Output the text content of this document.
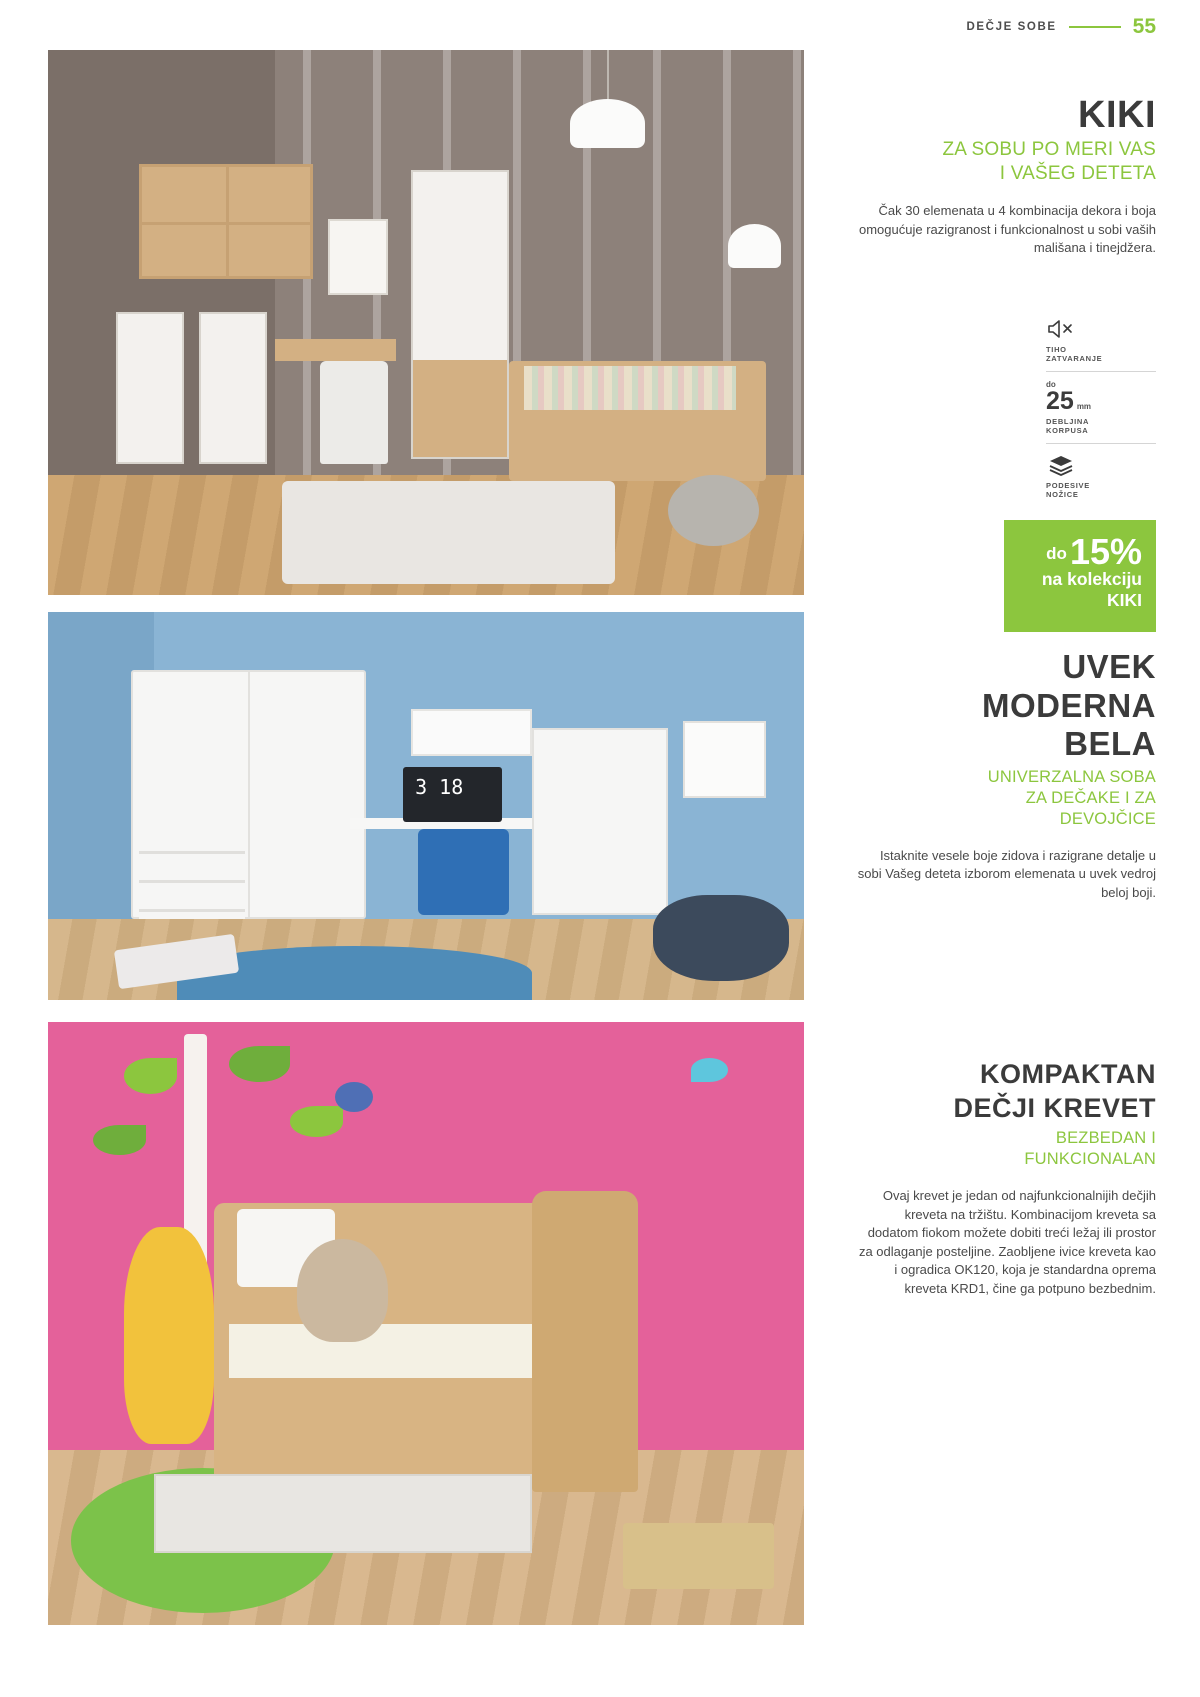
DEČJE SOBE	55
3 18
KIKI
ZA SOBU PO MERI VAS
I VAŠEG DETETA

Čak 30 elemenata u 4 kombinacija dekora i boja omogućuje razigranost i funkcionalnost u sobi vaših mališana i tinejdžera.

TIHO
ZATVARANJE
do
25 mm
DEBLJINA
KORPUSA
PODESIVE
NOŽICE
do 15%
na kolekciju
KIKI
UVEK
MODERNA
BELA
UNIVERZALNA SOBA
ZA DEČAKE I ZA
DEVOJČICE

Istaknite vesele boje zidova i razigrane detalje u sobi Vašeg deteta izborom elemenata u uvek vedroj beloj boji.

KOMPAKTAN
DEČJI KREVET
BEZBEDAN I
FUNKCIONALAN

Ovaj krevet je jedan od najfunkcionalnijih dečjih kreveta na tržištu. Kombinacijom kreveta sa dodatom fiokom možete dobiti treći ležaj ili prostor za odlaganje posteljine. Zaobljene ivice kreveta kao i ogradica OK120, koja je standardna oprema kreveta KRD1, čine ga potpuno bezbednim.
